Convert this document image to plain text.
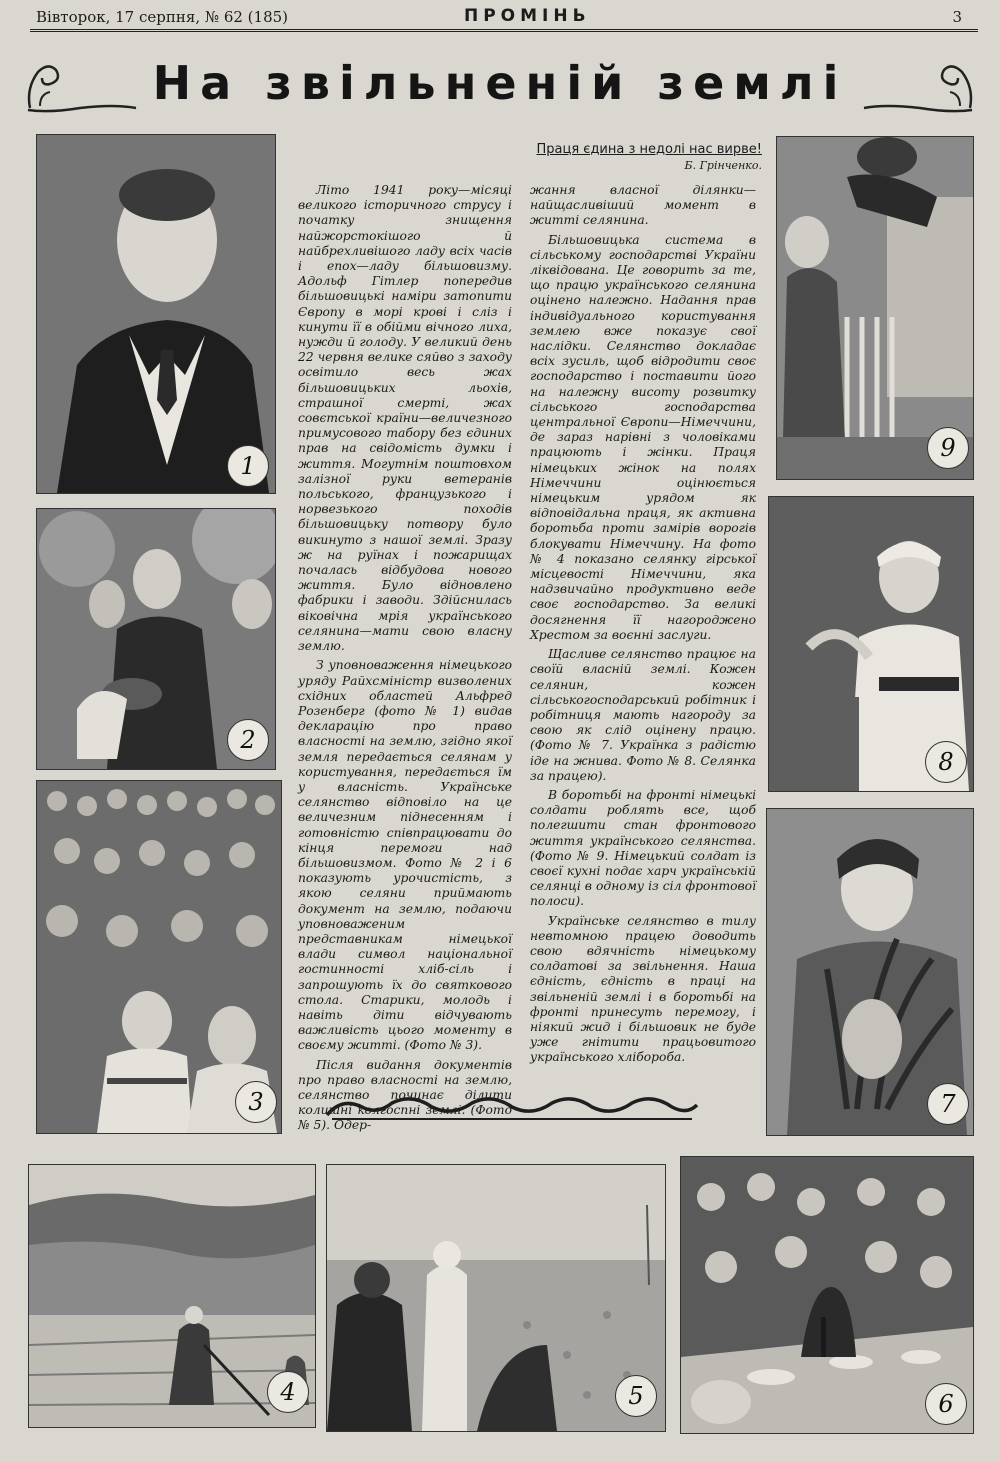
Вівторок, 17 серпня, № 62 (185)	ПРОМІНЬ	3
На звільненій землі
1
2
3
9
8
7
4	5	6
Праця єдина з недолі нас вирве!
Б. Грінченко.

Літо 1941 року—місяці великого історичного струсу і початку знищення найжорстокішого й найбрехливішого ладу всіх часів і епох—ладу більшовизму. Адольф Гітлер попередив більшовицькі наміри затопити Європу в морі крові і сліз і кинути її в обійми вічного лиха, нужди й голоду. У великий день 22 червня велике сяйво з заходу освітило весь жах більшовицьких льохів, страшної смерті, жах совєтської країни—величезного примусового табору без єдиних прав на свідомість думки і життя. Могутнім поштовхом залізної руки ветеранів польського, французького і норвезького походів більшовицьку потвору було викинуто з нашої землі. Зразу ж на руїнах і пожарищах почалась відбудова нового життя. Було відновлено фабрики і заводи. Здійснилась віковічна мрія українського селянина—мати свою власну землю.

З уповноваження німецького уряду Райхсміністр визволених східних областей Альфред Розенберг (фото № 1) видав декларацію про право власності на землю, згідно якої земля передається селянам у користування, передається їм у власність. Українське селянство відповіло на це величезним піднесенням і готовністю співпрацювати до кінця перемоги над більшовизмом. Фото № 2 і 6 показують урочистість, з якою селяни приймають документ на землю, подаючи уповноваженим представникам німецької влади символ національної гостинності хліб-сіль і запрошують їх до святкового стола. Старики, молодь і навіть діти відчувають важливість цього моменту в своєму житті. (Фото № 3).

Після видання документів про право власності на землю, селянство починає ділити колишні колгоспні землі. (Фото № 5). Одер-

жання власної ділянки—найщасливіший момент в житті селянина.

Більшовицька система в сільському господарстві України ліквідована. Це говорить за те, що працю українського селянина оцінено належно. Надання прав індивідуального користування землею вже показує свої наслідки. Селянство докладає всіх зусиль, щоб відродити своє господарство і поставити його на належну висоту розвитку сільського господарства центральної Європи—Німеччини, де зараз нарівні з чоловіками працюють і жінки. Праця німецьких жінок на полях Німеччини оцінюється німецьким урядом як відповідальна праця, як активна боротьба проти замірів ворогів блокувати Німеччину. На фото № 4 показано селянку гірської місцевості Німеччини, яка надзвичайно продуктивно веде своє господарство. За великі досягнення її нагороджено Хрестом за воєнні заслуги.

Щасливе селянство працює на своїй власній землі. Кожен селянин, кожен сільськогосподарський робітник і робітниця мають нагороду за свою як слід оцінену працю. (Фото № 7. Українка з радістю іде на жнива. Фото № 8. Селянка за працею).

В боротьбі на фронті німецькі солдати роблять все, щоб полегшити стан фронтового життя українського селянства. (Фото № 9. Німецький солдат із своєї кухні подає харч українській селянці в одному із сіл фронтової полоси).

Українське селянство в тилу невтомною працею доводить свою вдячність німецькому солдатові за звільнення. Наша єдність, єдність в праці на звільненій землі і в боротьбі на фронті принесуть перемогу, і ніякий жид і більшовик не буде уже гнітити працьовитого українського хлібороба.
